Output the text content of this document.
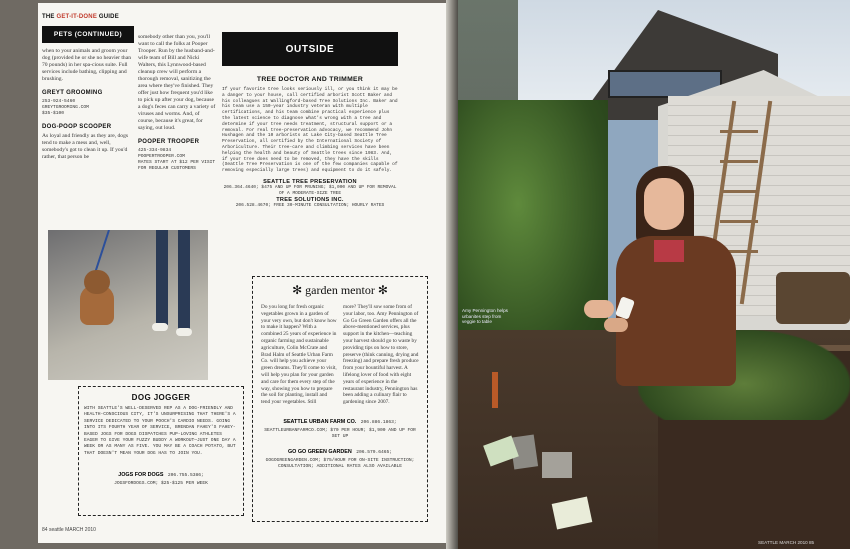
THE GET-IT-DONE GUIDE
PETS (CONTINUED)

when to your animals and groom your dog (provided he or she no heavier than 70 pounds) in her spa-cious suite. Full services include bathing, clipping and brushing.

GREYT GROOMING

253-924-5460

GREYTGROOMING.COM

$35-$100

DOG-POOP SCOOPER

As loyal and friendly as they are, dogs tend to make a mess and, well, somebody's got to clean it up. If you'd rather, that person be

somebody other than you, you'll want to call the folks at Pooper Trooper. Run by the husband-and-wife team of Bill and Nicki Walters, this Lynnwood-based cleanup crew will perform a thorough removal, sanitizing the area where they've finished. They offer just how frequent you'd like to pick up after your dog, because a dog's feces can carry a variety of viruses and worms. And, of course, because it's great, for saying, out loud.

POOPER TROOPER

425-334-9834

POOPERTROOPER.COM

RATES START AT $12 PER VISIT FOR REGULAR CUSTOMERS

OUTSIDE
TREE DOCTOR AND TRIMMER

If your favorite tree looks seriously ill, or you think it may be a danger to your house, call certified arborist Scott Baker and his colleagues at Wallingford-based Tree Solutions Inc. Baker and his team use a 150-year industry veteran with multiple certifications, and his team combine practical experience plus the latest science to diagnose what's wrong with a tree and determine if your tree needs treatment, structural support or a removal. For real tree-preservation advocacy, we recommend John Hushagen and the 10 arborists at Lake City-based Seattle Tree Preservation, all certified by the International Society of Arboriculture. Their tree-care and climbing services have been helping the health and beauty of Seattle trees since 1983. And, if your tree does need to be removed, they have the skills (Seattle Tree Preservation is one of the few companies capable of removing especially large trees) and equipment to do it safely.

SEATTLE TREE PRESERVATION

206.364.4640; $475 AND UP FOR PRUNING; $1,000 AND UP FOR REMOVAL OF A MODERATE-SIZE TREE

TREE SOLUTIONS INC.

206.528.4670; FREE 30-MINUTE CONSULTATION; HOURLY RATES

DOG JOGGER

WITH SEATTLE'S WELL-DESERVED REP AS A DOG-FRIENDLY AND HEALTH-CONSCIOUS CITY, IT'S UNSURPRISING THAT THERE'S A SERVICE DEDICATED TO YOUR POOCH'S CARDIO NEEDS. GOING INTO ITS FOURTH YEAR OF SERVICE, BRENDAN FAHEY'S FAHEY-BASED JOGS FOR DOGS DISPATCHES PUP-LOVING ATHLETES EAGER TO GIVE YOUR FUZZY BUDDY A WORKOUT—JUST ONE DAY A WEEK OR AS MANY AS FIVE. YOU MAY BE A COACH POTATO, BUT THAT DOESN'T MEAN YOUR DOG HAS TO JOIN YOU.

JOGS FOR DOGS 206.755.5386;

JOGSFORDOGS.COM; $25-$125 PER WEEK

✻ garden mentor ✻

Do you long for fresh organic vegetables grown in a garden of your very own, but don't know how to make it happen? With a combined 25 years of experience in organic farming and sustainable agriculture, Colin McCrate and Brad Halm of Seattle Urban Farm Co. will help you achieve your green dreams. They'll come to visit, will help you plan for your garden and care for them every step of the way, showing you how to prepare the soil for planting, install and tend your vegetables. Still

more? They'll sow some from of your labor, too. Amy Pennington of Go Go Green Garden offers all the above-mentioned services, plus support in the kitchen—teaching your harvest should go to waste by providing tips on how to store, preserve (think canning, drying and freezing) and prepare fresh produce from your bountiful harvest. A lifelong lover of food with eight years of experience in the restaurant industry, Pennington has been adding a culinary flair to gardening since 2007.

SEATTLE URBAN FARM CO. 206.886.1863;

SEATTLEURBANFARMCO.COM; $70 PER HOUR; $1,900 AND UP FOR SET UP

GO GO GREEN GARDEN 206.579.6465;

GOGOGREENGARDEN.COM; $75/HOUR FOR ON-SITE INSTRUCTION; CONSULTATION; ADDITIONAL RATES ALSO AVAILABLE

84 seattle MARCH 2010
Amy Pennington helps urbanites step from veggie to table
SEATTLE MARCH 2010 85
